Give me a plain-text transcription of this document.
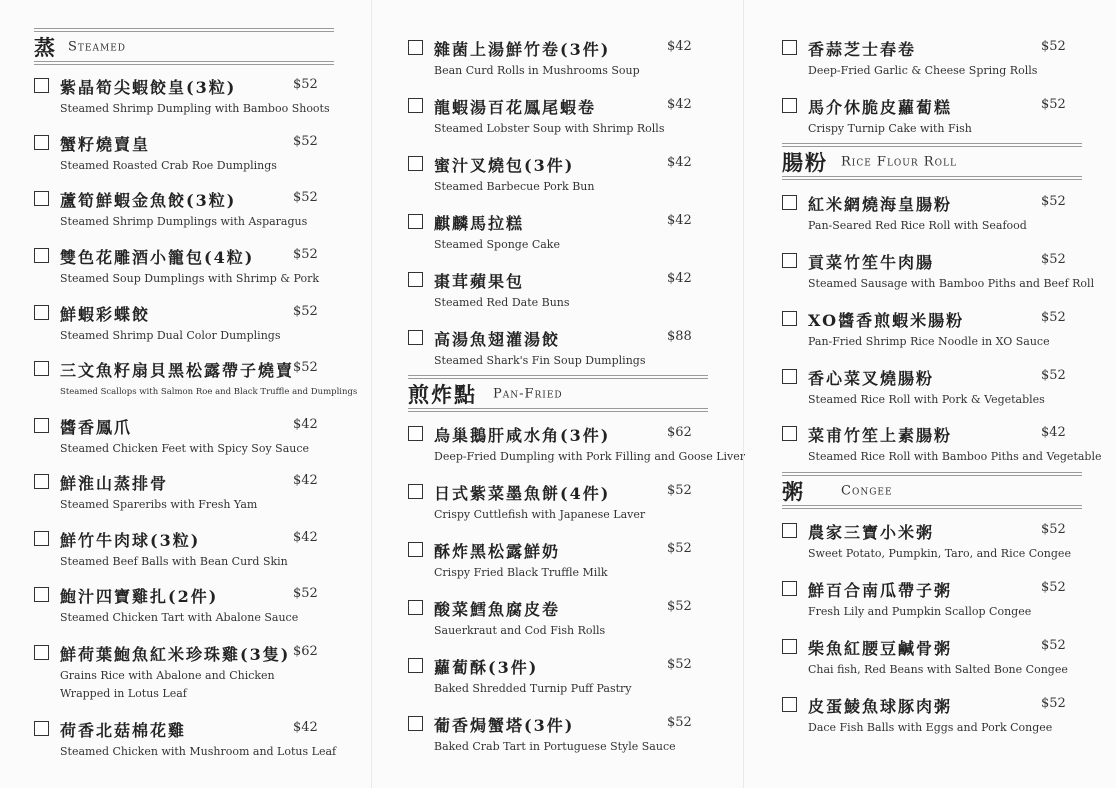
蒸 Steamed
紫晶筍尖蝦餃皇(3粒)
Steamed Shrimp Dumpling with Bamboo Shoots
$52
蟹籽燒賣皇
Steamed Roasted Crab Roe Dumplings
$52
蘆筍鮮蝦金魚餃(3粒)
Steamed Shrimp Dumplings with Asparagus
$52
雙色花雕酒小籠包(4粒)
Steamed Soup Dumplings with Shrimp & Pork
$52
鮮蝦彩蝶餃
Steamed Shrimp Dual Color Dumplings
$52
三文魚籽扇貝黑松露帶子燒賣
Steamed Scallops with Salmon Roe and Black Truffle and Dumplings
$52
醬香鳳爪
Steamed Chicken Feet with Spicy Soy Sauce
$42
鮮淮山蒸排骨
Steamed Spareribs with Fresh Yam
$42
鮮竹牛肉球(3粒)
Steamed Beef Balls with Bean Curd Skin
$42
鮑汁四寶雞扎(2件)
Steamed Chicken Tart with Abalone Sauce
$52
鮮荷葉鮑魚紅米珍珠雞(3隻)
Grains Rice with Abalone and Chicken
$62
Wrapped in Lotus Leaf
荷香北菇棉花雞
Steamed Chicken with Mushroom and Lotus Leaf
$42
雜菌上湯鮮竹卷(3件)
Bean Curd Rolls in Mushrooms Soup
$42
龍蝦湯百花鳳尾蝦卷
Steamed Lobster Soup with Shrimp Rolls
$42
蜜汁叉燒包(3件)
Steamed Barbecue Pork Bun
$42
麒麟馬拉糕
Steamed Sponge Cake
$42
棗茸蘋果包
Steamed Red Date Buns
$42
高湯魚翅灌湯餃
Steamed Shark's Fin Soup Dumplings
$88
煎炸點 Pan-Fried
烏巢鵝肝咸水角(3件)
Deep-Fried Dumpling with Pork Filling and Goose Liver
$62
日式紫菜墨魚餅(4件)
Crispy Cuttlefish with Japanese Laver
$52
酥炸黑松露鮮奶
Crispy Fried Black Truffle Milk
$52
酸菜鱈魚腐皮卷
Sauerkraut and Cod Fish Rolls
$52
蘿蔔酥(3件)
Baked Shredded Turnip Puff Pastry
$52
葡香焗蟹塔(3件)
Baked Crab Tart in Portuguese Style Sauce
$52
香蒜芝士春卷
Deep-Fried Garlic & Cheese Spring Rolls
$52
馬介休脆皮蘿蔔糕
Crispy Turnip Cake with Fish
$52
腸粉 Rice Flour Roll
紅米網燒海皇腸粉
Pan-Seared Red Rice Roll with Seafood
$52
貢菜竹笙牛肉腸
Steamed Sausage with Bamboo Piths and Beef Roll
$52
XO醬香煎蝦米腸粉
Pan-Fried Shrimp Rice Noodle in XO Sauce
$52
香心菜叉燒腸粉
Steamed Rice Roll with Pork & Vegetables
$52
菜甫竹笙上素腸粉
Steamed Rice Roll with Bamboo Piths and Vegetable
$42
粥	Congee
農家三寶小米粥
Sweet Potato, Pumpkin, Taro, and Rice Congee
$52
鮮百合南瓜帶子粥
Fresh Lily and Pumpkin Scallop Congee
$52
柴魚紅腰豆鹹骨粥
Chai fish, Red Beans with Salted Bone Congee
$52
皮蛋鯪魚球豚肉粥
Dace Fish Balls with Eggs and Pork Congee
$52
